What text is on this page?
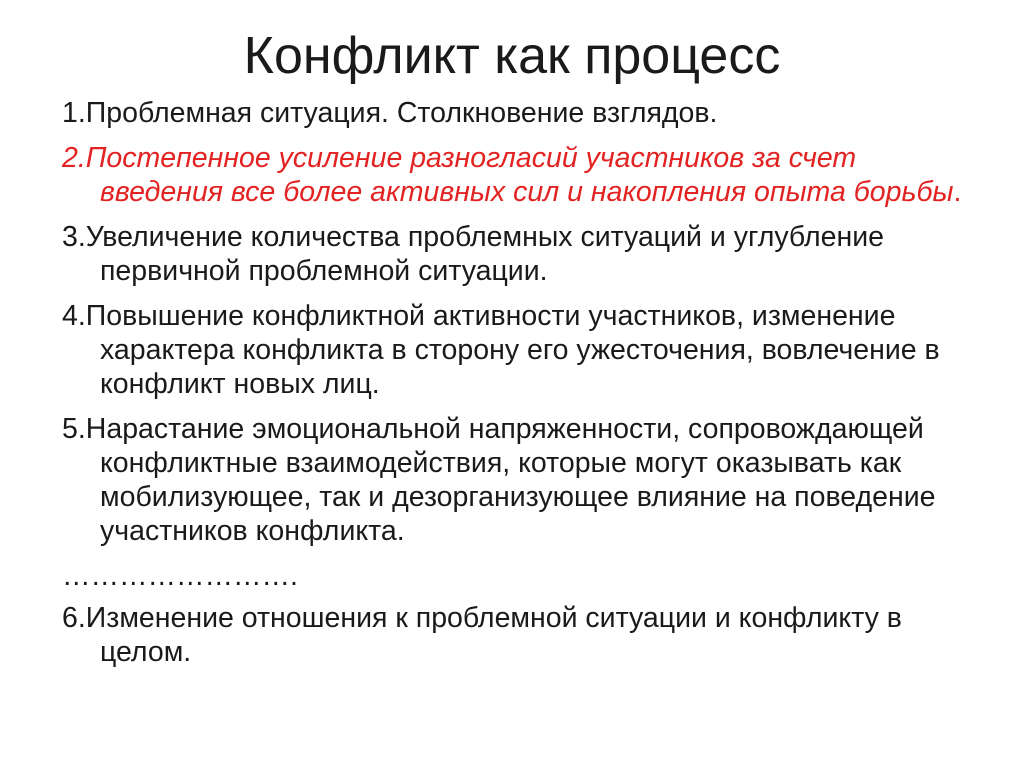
Конфликт как процесс

1.Проблемная ситуация. Столкновение взглядов.

2.Постепенное усиление разногласий участников за счет введения все более активных сил и накопления опыта борьбы.

3.Увеличение количества проблемных ситуаций и углубление первичной проблемной ситуации.

4.Повышение конфликтной активности участников, изменение характера конфликта в сторону его ужесточения, вовлечение в конфликт новых лиц.

5.Нарастание эмоциональной напряженности, сопровождающей конфликтные взаимодействия, которые могут оказывать как мобилизующее, так и дезорганизующее влияние на поведение участников конфликта.

…………………….

6.Изменение отношения к проблемной ситуации и конфликту в целом.
